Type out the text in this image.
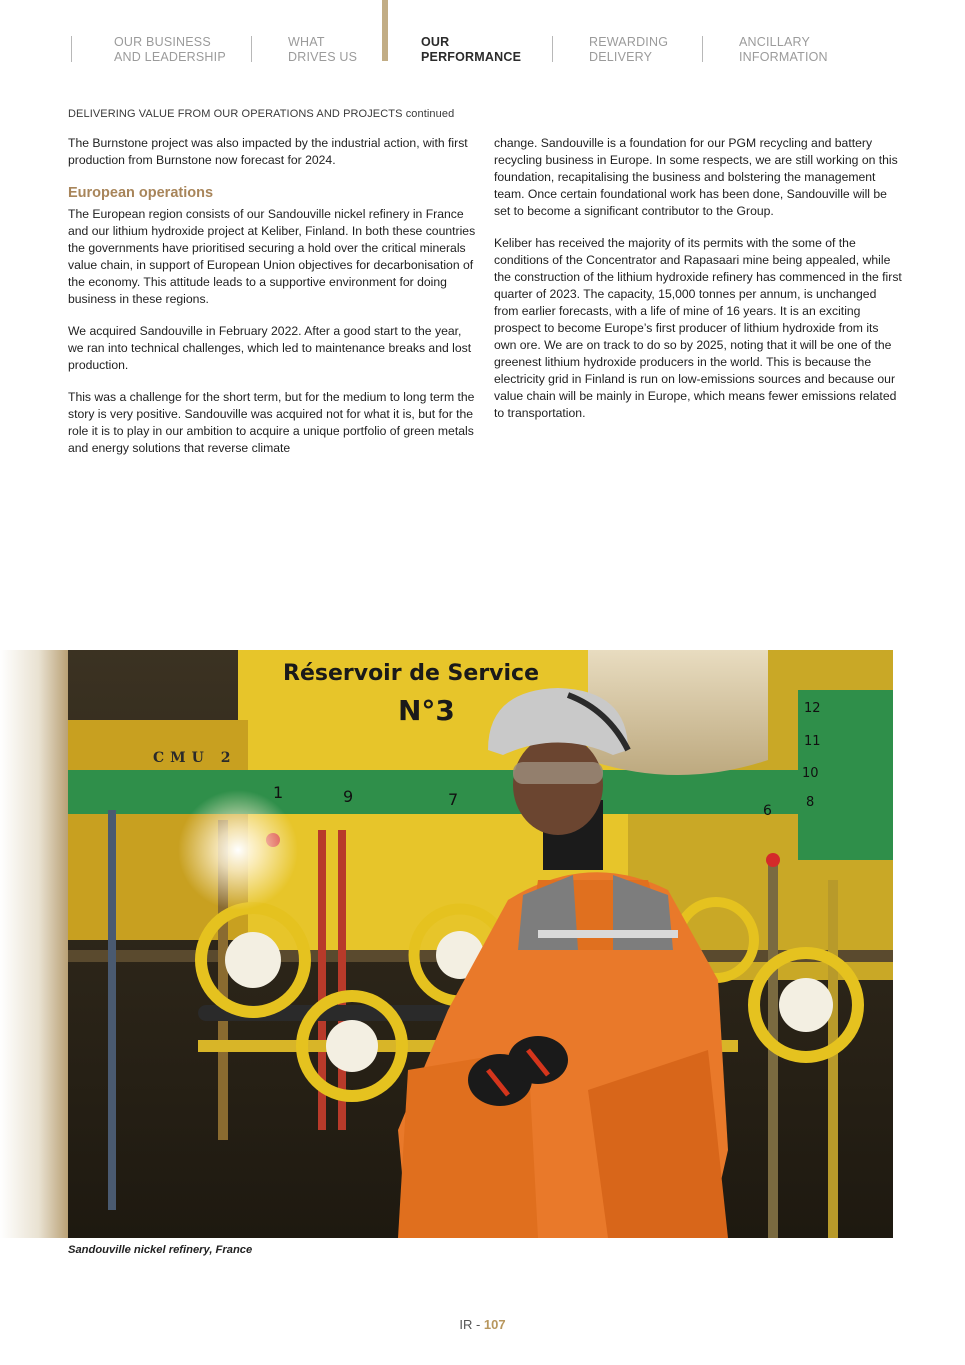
OUR BUSINESS
AND LEADERSHIP
WHAT
DRIVES US
OUR
PERFORMANCE
REWARDING
DELIVERY
ANCILLARY
INFORMATION
DELIVERING VALUE FROM OUR OPERATIONS AND PROJECTS continued

The Burnstone project was also impacted by the industrial action, with first production from Burnstone now forecast for 2024.

European operations

The European region consists of our Sandouville nickel refinery in France and our lithium hydroxide project at Keliber, Finland. In both these countries the governments have prioritised securing a hold over the critical minerals value chain, in support of European Union objectives for decarbonisation of the economy. This attitude leads to a supportive environment for doing business in these regions.

We acquired Sandouville in February 2022. After a good start to the year, we ran into technical challenges, which led to maintenance breaks and lost production.

This was a challenge for the short term, but for the medium to long term the story is very positive. Sandouville was acquired not for what it is, but for the role it is to play in our ambition to acquire a unique portfolio of green metals and energy solutions that reverse climate

change. Sandouville is a foundation for our PGM recycling and battery recycling business in Europe. In some respects, we are still working on this foundation, recapitalising the business and bolstering the management team. Once certain foundational work has been done, Sandouville will be set to become a significant contributor to the Group.

Keliber has received the majority of its permits with the some of the conditions of the Concentrator and Rapasaari mine being appealed, while the construction of the lithium hydroxide refinery has commenced in the first quarter of 2023. The capacity, 15,000 tonnes per annum, is unchanged from earlier forecasts, with a life of mine of 16 years. It is an exciting prospect to become Europe’s first producer of lithium hydroxide from its own ore. We are on track to do so by 2025, noting that it will be one of the greenest lithium hydroxide producers in the world. This is because the electricity grid in Finland is run on low-emissions sources and because our value chain will be mainly in Europe, which means fewer emissions related to transportation.

Réservoir de Service
N°3
CMU 2
1	9	7
12
11
10
8
6
Sandouville nickel refinery, France
IR - 107
